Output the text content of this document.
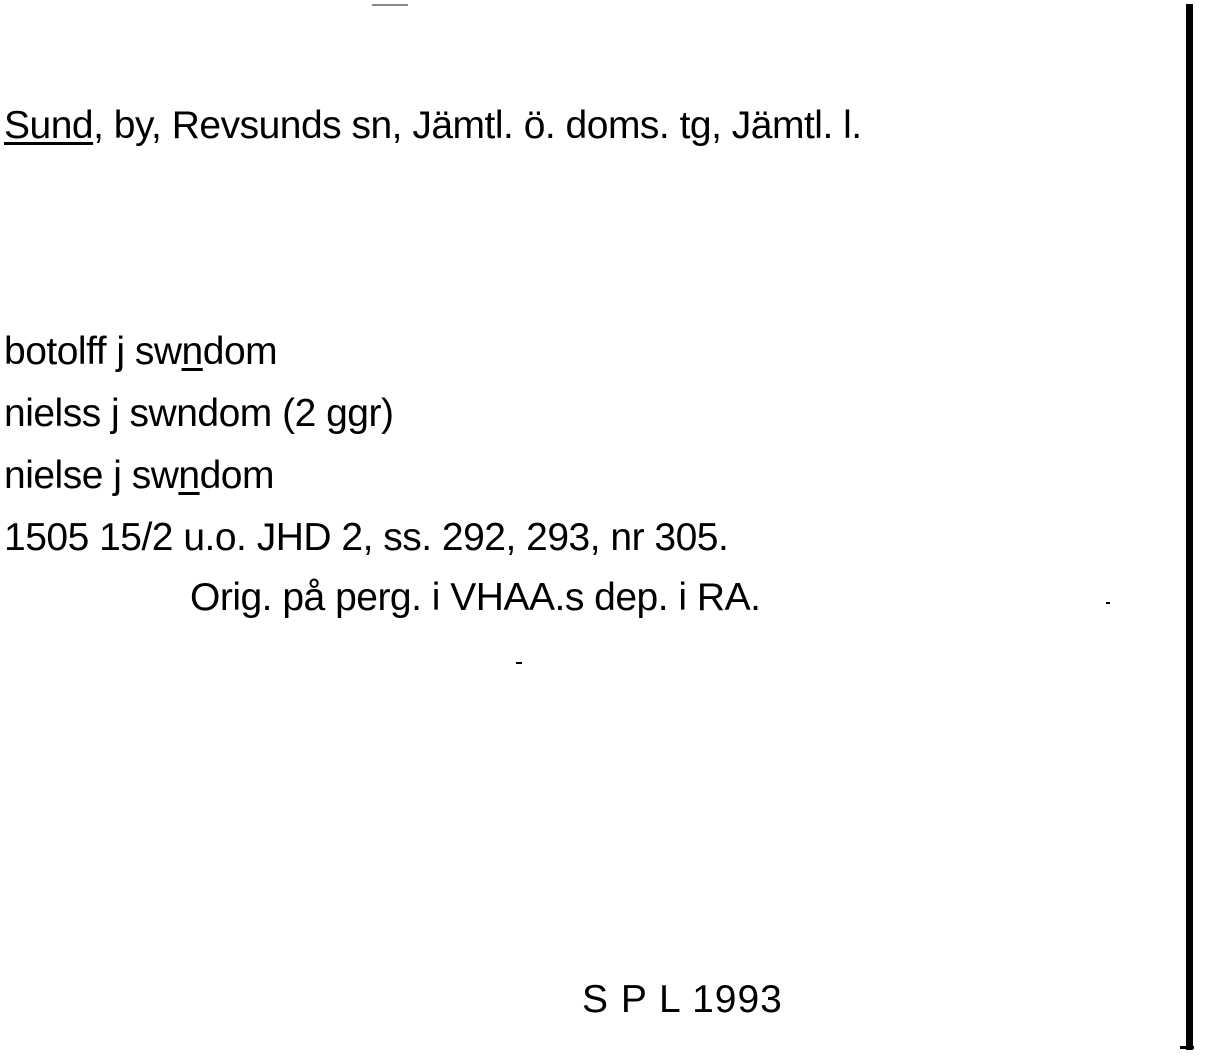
Sund, by, Revsunds sn, Jämtl. ö. doms. tg, Jämtl. l.
botolff j swndom
nielss j swndom (2 ggr)
nielse j swndom
1505 15/2 u.o. JHD 2, ss. 292, 293, nr 305.
Orig. på perg. i VHAA.s dep. i RA.
S P L 1993
